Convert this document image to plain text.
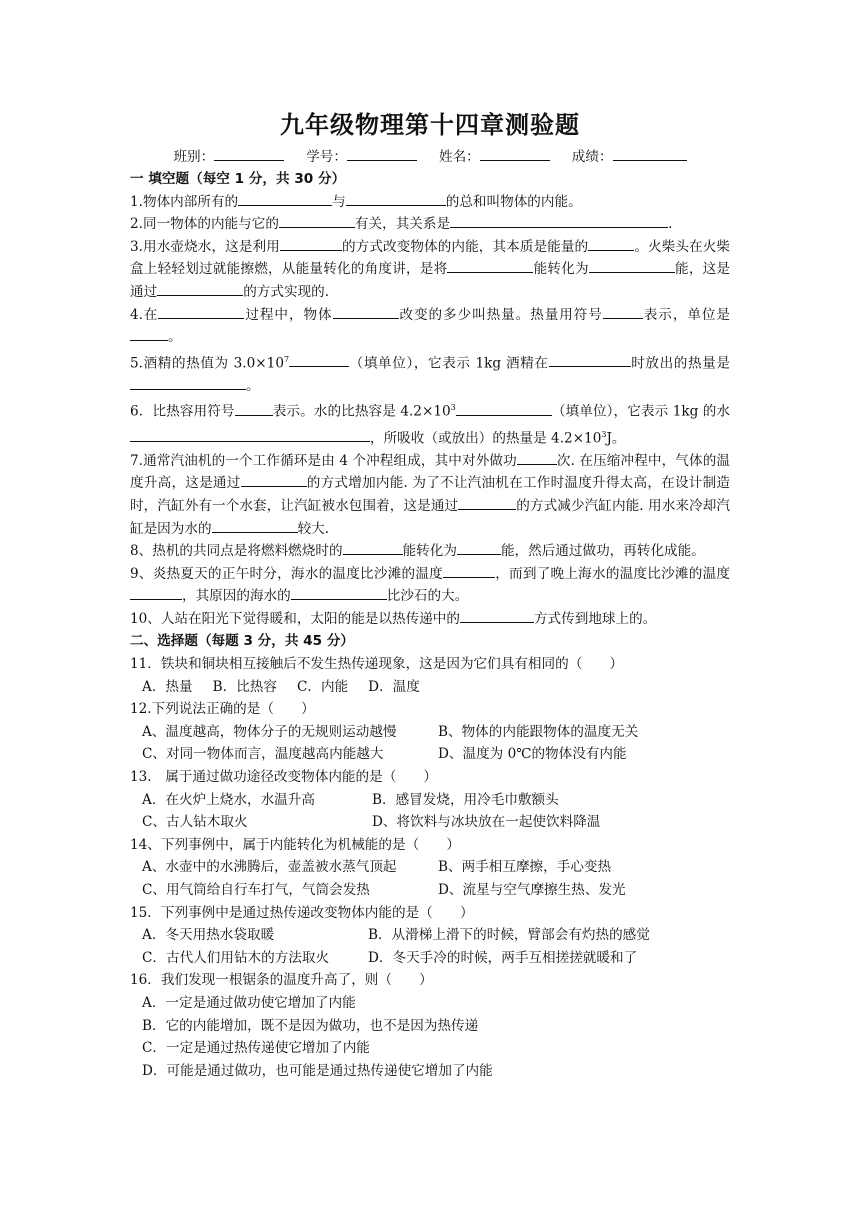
九年级物理第十四章测验题
班别：	学号：	姓名：	成绩：

一 填空题（每空 1 分，共 30 分）

1.物体内部所有的	与	的总和叫物体的内能。

2.同一物体的内能与它的	有关，其关系是	.

3.用水壶烧水，这是利用	的方式改变物体的内能，其本质是能量的	。火柴头在火柴盒上轻轻划过就能擦燃，从能量转化的角度讲，是将	能转化为	能，这是通过	的方式实现的.

4.在	过程中，物体	改变的多少叫热量。热量用符号	表示，单位是。

5.酒精的热值为 $3.0\times 10^7$	（填单位），它表示 1kg 酒精在	时放出的热量是。

6．比热容用符号	表示。水的比热容是 $4.2\times 10^3$	（填单位），它表示 1kg 的水，所吸收（或放出）的热量是 $4.2\times 10^3J$。

7.通常汽油机的一个工作循环是由 4 个冲程组成，其中对外做功	次. 在压缩冲程中，气体的温度升高，这是通过	的方式增加内能. 为了不让汽油机在工作时温度升得太高，在设计制造时，汽缸外有一个水套，让汽缸被水包围着，这是通过	的方式减少汽缸内能. 用水来冷却汽缸是因为水的	较大.

8、热机的共同点是将燃料燃烧时的	能转化为	能，然后通过做功，再转化成能。

9、炎热夏天的正午时分，海水的温度比沙滩的温度	，而到了晚上海水的温度比沙滩的温度，其原因的海水的	比沙石的大。

10、人站在阳光下觉得暖和，太阳的能是以热传递中的	方式传到地球上的。

二、选择题（每题 3 分，共 45 分）

11．铁块和铜块相互接触后不发生热传递现象，这是因为它们具有相同的（　　）

A．热量 B．比热容 C．内能 D．温度

12.下列说法正确的是（　　）

A、温度越高，物体分子的无规则运动越慢	B、物体的内能跟物体的温度无关
C、对同一物体而言，温度越高内能越大	D、温度为 0℃的物体没有内能

13． 属于通过做功途径改变物体内能的是（　　）

A．在火炉上烧水，水温升高	B．感冒发烧，用冷毛巾敷额头
C、古人钻木取火	D、将饮料与冰块放在一起使饮料降温

14、下列事例中，属于内能转化为机械能的是（　　）

A、水壶中的水沸腾后，壶盖被水蒸气顶起	B、两手相互摩擦，手心变热
C、用气筒给自行车打气，气筒会发热	D、流星与空气摩擦生热、发光

15．下列事例中是通过热传递改变物体内能的是（　　）

A．冬天用热水袋取暖	B．从滑梯上滑下的时候，臂部会有灼热的感觉
C．古代人们用钻木的方法取火	D．冬天手冷的时候，两手互相搓搓就暖和了

16．我们发现一根锯条的温度升高了，则（　　）

A．一定是通过做功使它增加了内能

B．它的内能增加，既不是因为做功，也不是因为热传递

C．一定是通过热传递使它增加了内能

D．可能是通过做功，也可能是通过热传递使它增加了内能
